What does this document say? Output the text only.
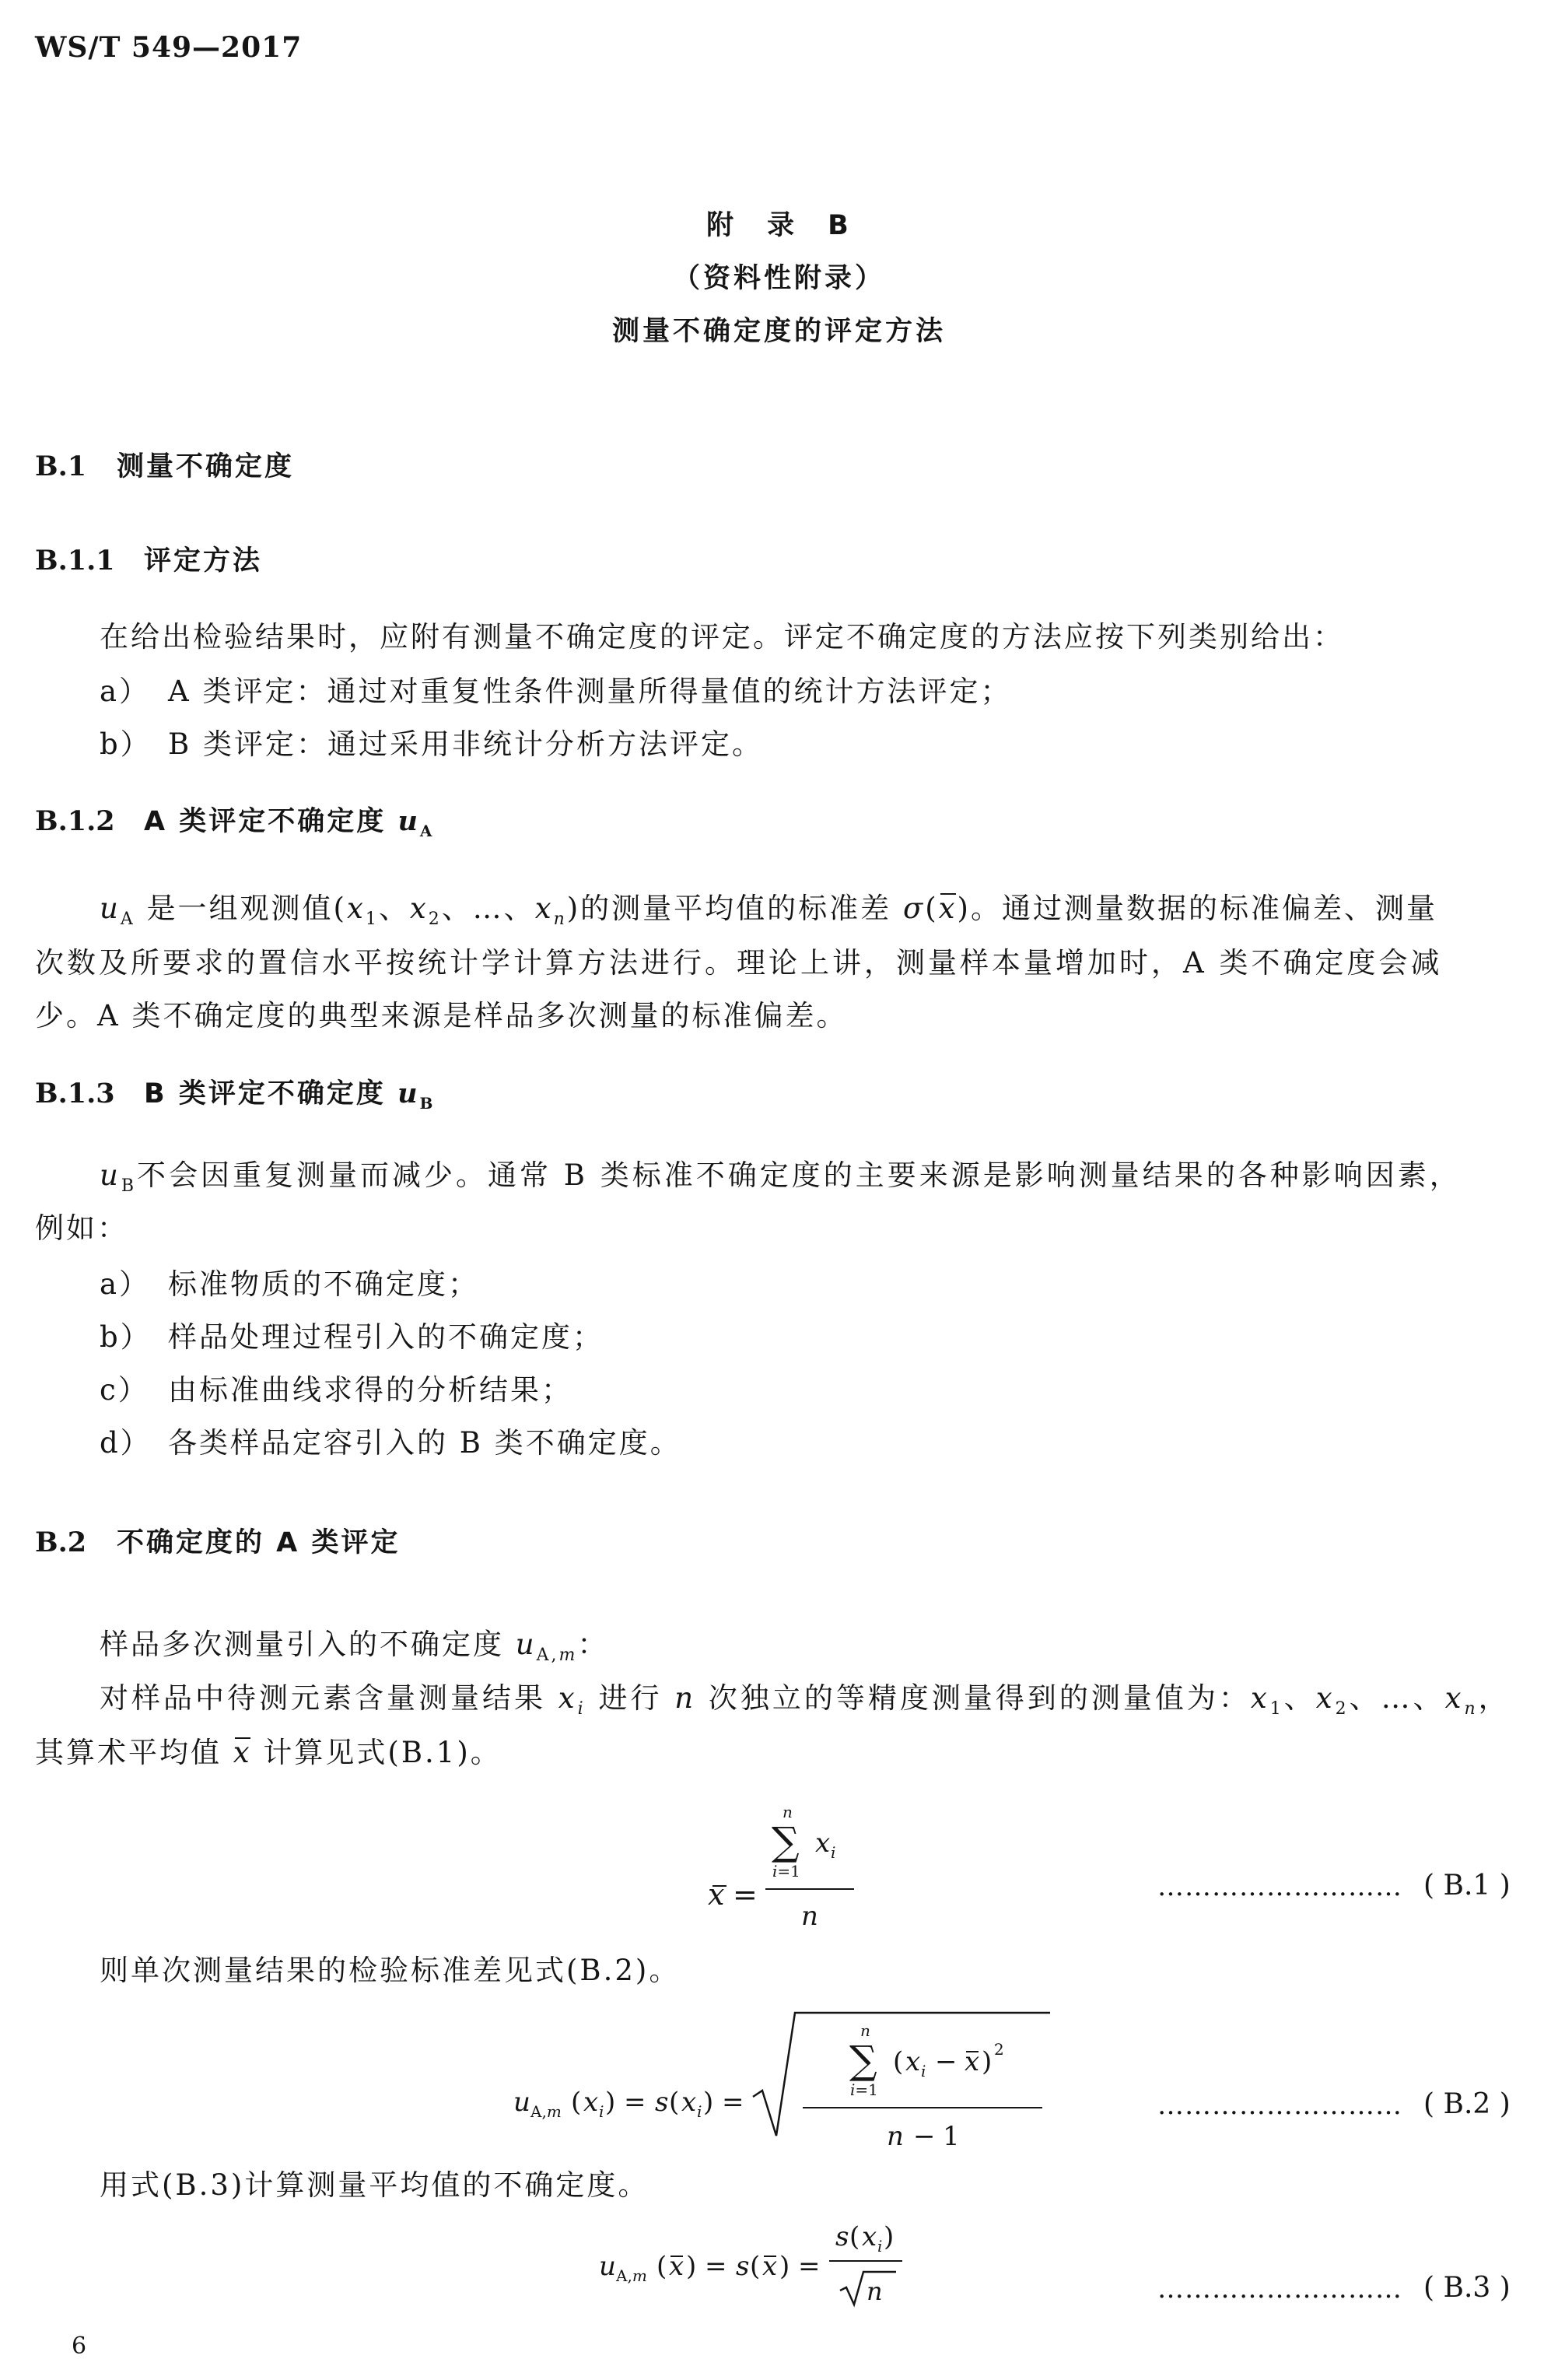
WS/T 549—2017
附　录　B
（资料性附录）
测量不确定度的评定方法
B.1 测量不确定度
B.1.1 评定方法
在给出检验结果时，应附有测量不确定度的评定。评定不确定度的方法应按下列类别给出：
a） A 类评定：通过对重复性条件测量所得量值的统计方法评定；
b） B 类评定：通过采用非统计分析方法评定。
B.1.2 A 类评定不确定度 $u_A$
$u_A$ 是一组观测值($x_1$、$x_2$、…、$x_n$)的测量平均值的标准差 σ(x)。通过测量数据的标准偏差、测量
次数及所要求的置信水平按统计学计算方法进行。理论上讲，测量样本量增加时，A 类不确定度会减
少。A 类不确定度的典型来源是样品多次测量的标准偏差。
B.1.3 B 类评定不确定度 $u_B$
$u_B$不会因重复测量而减少。通常 B 类标准不确定度的主要来源是影响测量结果的各种影响因素，
例如：
a） 标准物质的不确定度；
b） 样品处理过程引入的不确定度；
c） 由标准曲线求得的分析结果；
d） 各类样品定容引入的 B 类不确定度。
B.2 不确定度的 A 类评定
样品多次测量引入的不确定度 $u_{A,m}$：
对样品中待测元素含量测量结果 $x_i$ 进行 n 次独立的等精度测量得到的测量值为：$x_1$、$x_2$、…、$x_n$，
其算术平均值 x 计算见式(B.1)。
x =
n
∑ x i
i=1
n
……………………… ( B.1 )
则单次测量结果的检验标准差见式(B.2)。
u A,m ( x i ) = s ( x i ) =
n
∑
i=1
( x i − x ) 2
n − 1
……………………… ( B.2 )
用式(B.3)计算测量平均值的不确定度。
u A,m ( x ) = s ( x ) =
s ( x i )
n	……………………… ( B.3 )
6
